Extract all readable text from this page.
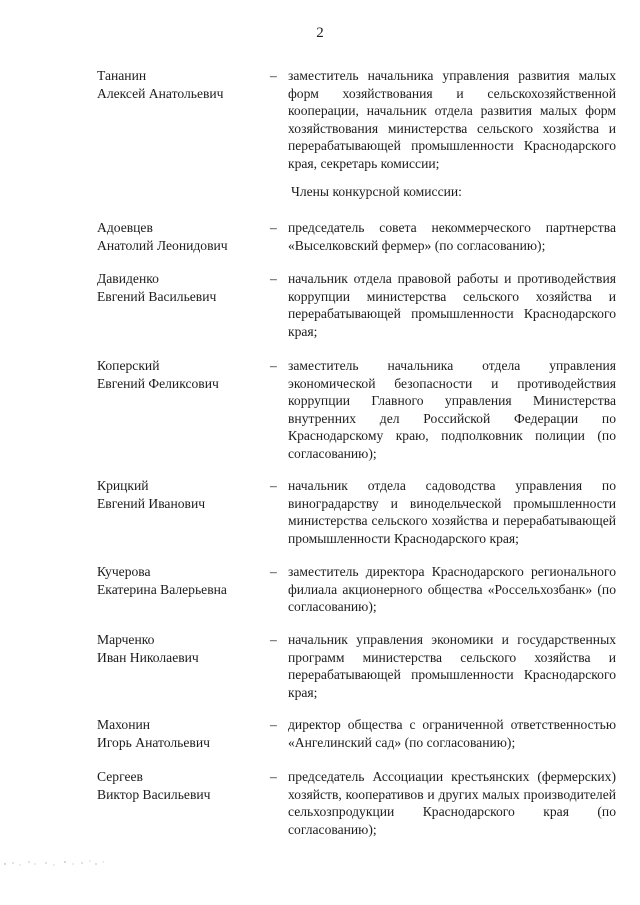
2
Тананин
Алексей Анатольевич
– заместитель начальника управления развития малых форм хозяйствования и сельскохозяйственной кооперации, начальник отдела развития малых форм хозяйствования министерства сельского хозяйства и перерабатывающей промышленности Краснодарского края, секретарь комиссии;
Члены конкурсной комиссии:
Адоевцев
Анатолий Леонидович
– председатель совета некоммерческого партнерства «Выселковский фермер» (по согласованию);
Давиденко
Евгений Васильевич
– начальник отдела правовой работы и противодействия коррупции министерства сельского хозяйства и перерабатывающей промышленности Краснодарского края;
Коперский
Евгений Феликсович
– заместитель начальника отдела управления экономической безопасности и противодействия коррупции Главного управления Министерства внутренних дел Российской Федерации по Краснодарскому краю, подполковник полиции (по согласованию);
Крицкий
Евгений Иванович
– начальник отдела садоводства управления по виноградарству и винодельческой промышленности министерства сельского хозяйства и перерабатывающей промышленности Краснодарского края;
Кучерова
Екатерина Валерьевна
– заместитель директора Краснодарского регионального филиала акционерного общества «Россельхозбанк» (по согласованию);
Марченко
Иван Николаевич
– начальник управления экономики и государственных программ министерства сельского хозяйства и перерабатывающей промышленности Краснодарского края;
Махонин
Игорь Анатольевич
– директор общества с ограниченной ответственностью «Ангелинский сад» (по согласованию);
Сергеев
Виктор Васильевич
– председатель Ассоциации крестьянских (фермерских) хозяйств, кооперативов и других малых производителей сельхозпродукции Краснодарского края (по согласованию);
